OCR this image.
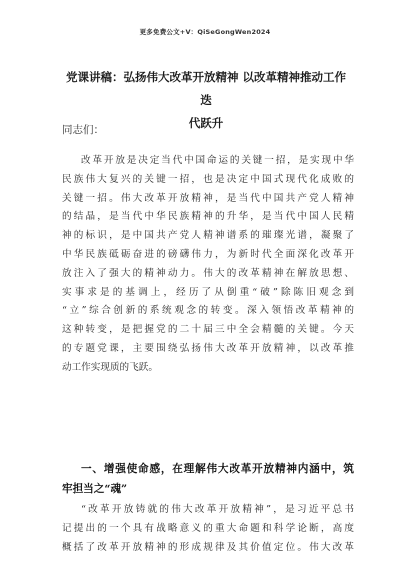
更多免费公文+V：QiSeGongWen2024
党课讲稿：弘扬伟大改革开放精神 以改革精神推动工作迭
代跃升
同志们：
改革开放是决定当代中国命运的关键一招，是实现中华
民族伟大复兴的关键一招，也是决定中国式现代化成败的
关键一招。伟大改革开放精神，是当代中国共产党人精神
的结晶，是当代中华民族精神的升华，是当代中国人民精
神的标识，是中国共产党人精神谱系的璀璨光谱，凝聚了
中华民族砥砺奋进的磅礴伟力，为新时代全面深化改革开
放注入了强大的精神动力。伟大的改革精神在解放思想、
实事求是的基调上，经历了从倒重“破”除陈旧观念到
“立”综合创新的系统观念的转变。深入领悟改革精神的
这种转变，是把握党的二十届三中全会精髓的关键。今天
的专题党课，主要围绕弘扬伟大改革开放精神，以改革推
动工作实现质的飞跃。
一、增强使命感，在理解伟大改革开放精神内涵中，筑
牢担当之“魂”
“改革开放铸就的伟大改革开放精神”，是习近平总书
记提出的一个具有战略意义的重大命题和科学论断，高度
概括了改革开放精神的形成规律及其价值定位。伟大改革
